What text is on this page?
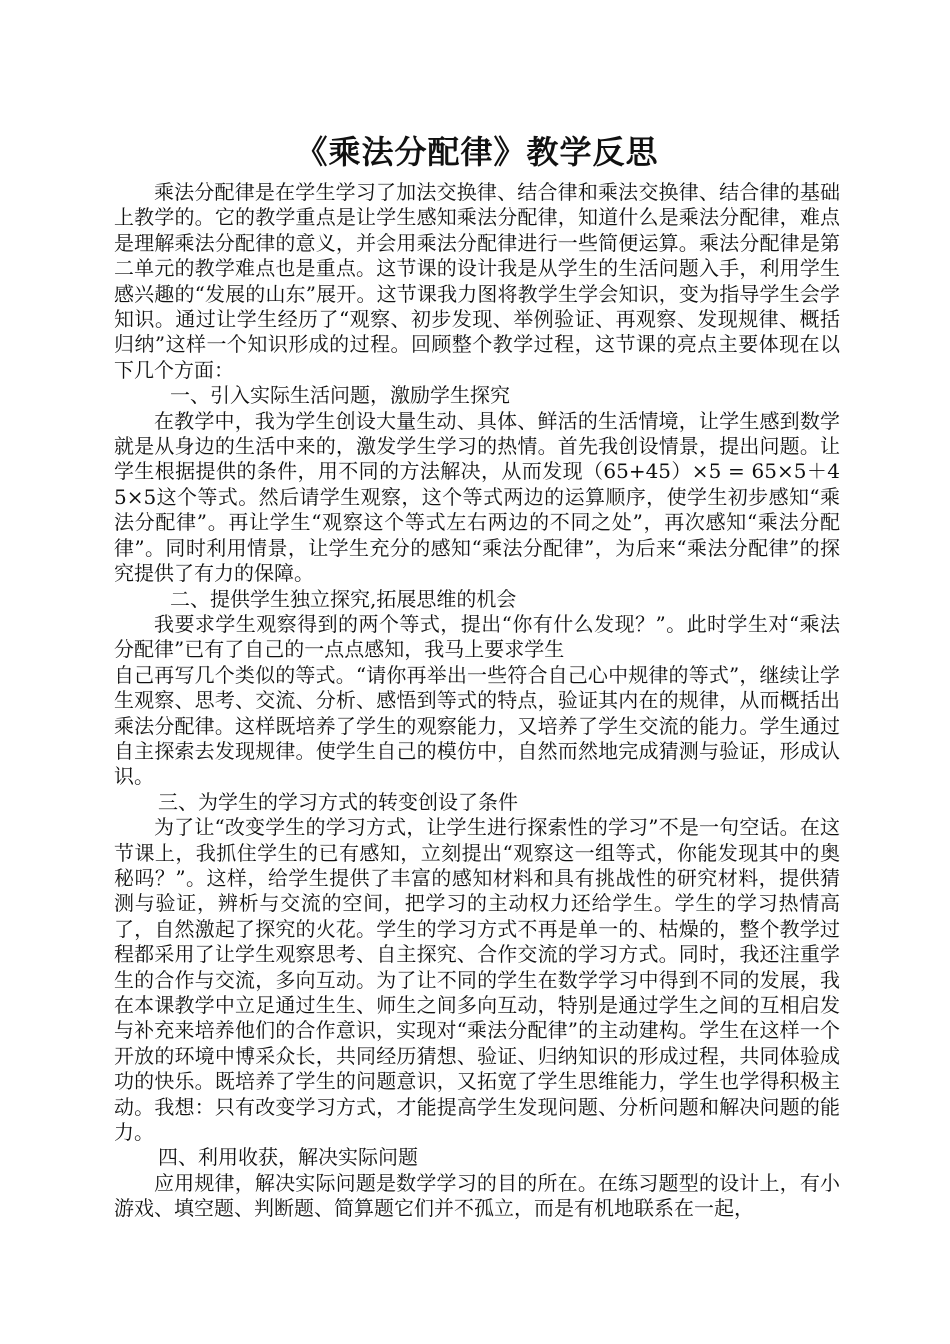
《乘法分配律》教学反思

乘法分配律是在学生学习了加法交换律、结合律和乘法交换律、结合律的基础上教学的。它的教学重点是让学生感知乘法分配律，知道什么是乘法分配律，难点是理解乘法分配律的意义，并会用乘法分配律进行一些简便运算。乘法分配律是第二单元的教学难点也是重点。这节课的设计我是从学生的生活问题入手，利用学生感兴趣的“发展的山东”展开。这节课我力图将教学生学会知识，变为指导学生会学知识。通过让学生经历了“观察、初步发现、举例验证、再观察、发现规律、概括归纳”这样一个知识形成的过程。回顾整个教学过程，这节课的亮点主要体现在以下几个方面：

一、引入实际生活问题，激励学生探究

在教学中，我为学生创设大量生动、具体、鲜活的生活情境，让学生感到数学就是从身边的生活中来的，激发学生学习的热情。首先我创设情景，提出问题。让学生根据提供的条件，用不同的方法解决，从而发现（65+45）×5 = 65×5＋45×5这个等式。然后请学生观察，这个等式两边的运算顺序，使学生初步感知“乘法分配律”。再让学生“观察这个等式左右两边的不同之处”，再次感知“乘法分配律”。同时利用情景，让学生充分的感知“乘法分配律”，为后来“乘法分配律”的探究提供了有力的保障。

二、提供学生独立探究,拓展思维的机会

我要求学生观察得到的两个等式，提出“你有什么发现？”。此时学生对“乘法分配律”已有了自己的一点点感知，我马上要求学生

自己再写几个类似的等式。“请你再举出一些符合自己心中规律的等式”，继续让学生观察、思考、交流、分析、感悟到等式的特点，验证其内在的规律，从而概括出乘法分配律。这样既培养了学生的观察能力，又培养了学生交流的能力。学生通过自主探索去发现规律。使学生自己的模仿中，自然而然地完成猜测与验证，形成认识。

三、为学生的学习方式的转变创设了条件

为了让“改变学生的学习方式，让学生进行探索性的学习”不是一句空话。在这节课上，我抓住学生的已有感知，立刻提出“观察这一组等式，你能发现其中的奥秘吗？”。这样，给学生提供了丰富的感知材料和具有挑战性的研究材料，提供猜测与验证，辨析与交流的空间，把学习的主动权力还给学生。学生的学习热情高了，自然激起了探究的火花。学生的学习方式不再是单一的、枯燥的，整个教学过程都采用了让学生观察思考、自主探究、合作交流的学习方式。同时，我还注重学生的合作与交流，多向互动。为了让不同的学生在数学学习中得到不同的发展，我在本课教学中立足通过生生、师生之间多向互动，特别是通过学生之间的互相启发与补充来培养他们的合作意识，实现对“乘法分配律”的主动建构。学生在这样一个开放的环境中博采众长，共同经历猜想、验证、归纳知识的形成过程，共同体验成功的快乐。既培养了学生的问题意识，又拓宽了学生思维能力，学生也学得积极主动。我想：只有改变学习方式，才能提高学生发现问题、分析问题和解决问题的能力。

四、利用收获，解决实际问题

应用规律，解决实际问题是数学学习的目的所在。在练习题型的设计上，有小游戏、填空题、判断题、简算题它们并不孤立，而是有机地联系在一起，
